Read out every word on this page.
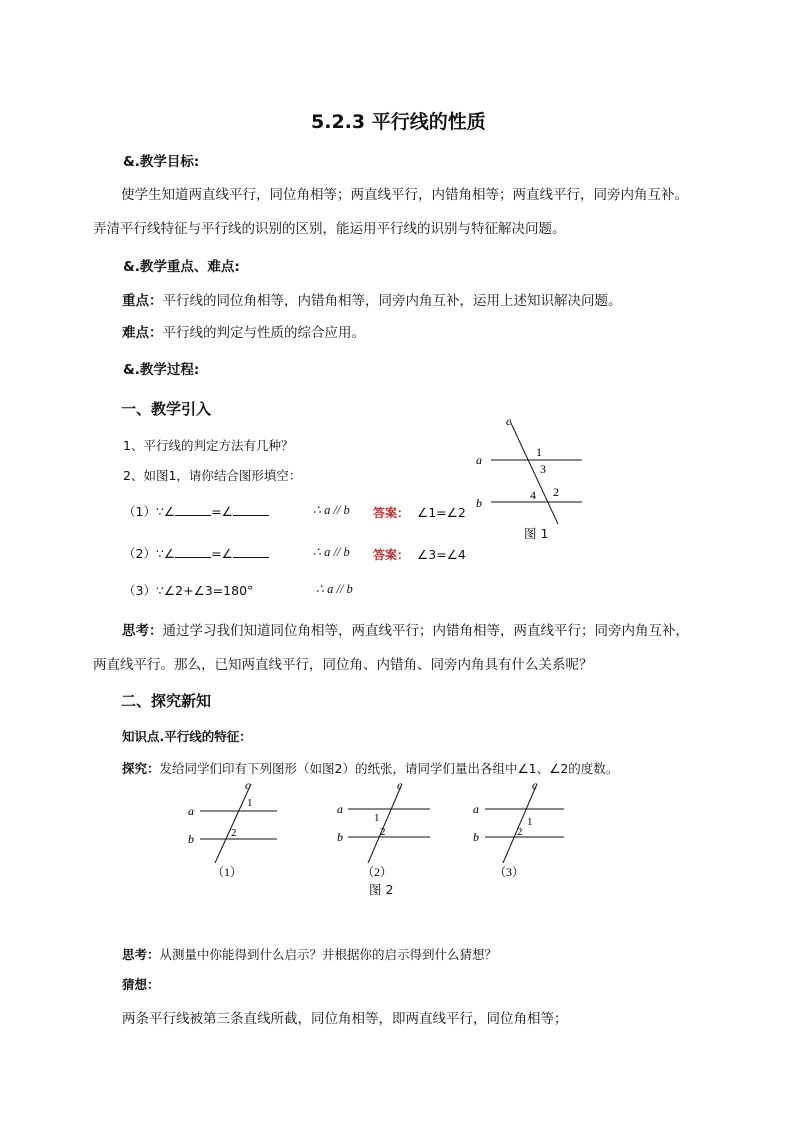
5.2.3 平行线的性质
&.教学目标:
使学生知道两直线平行，同位角相等；两直线平行，内错角相等；两直线平行，同旁内角互补。
弄清平行线特征与平行线的识别的区别，能运用平行线的识别与特征解决问题。
&.教学重点、难点:
重点：平行线的同位角相等，内错角相等，同旁内角互补，运用上述知识解决问题。
难点：平行线的判定与性质的综合应用。
&.教学过程:
一、教学引入
1、平行线的判定方法有几种？
2、如图1，请你结合图形填空：
（1）∵∠	=∠	∴ a // b 答案： ∠1=∠2
（2）∵∠	=∠	∴ a // b 答案： ∠3=∠4
（3）∵∠2+∠3=180°	∴ a // b
c
a
b
1
3
4 2
图 1
思考：通过学习我们知道同位角相等，两直线平行；内错角相等，两直线平行；同旁内角互补，
两直线平行。那么，已知两直线平行，同位角、内错角、同旁内角具有什么关系呢？
二、探究新知
知识点.平行线的特征：
探究：发给同学们印有下列图形（如图2）的纸张，请同学们量出各组中∠1、∠2的度数。
c
a
b
1
2
（1）
c
a
b
1
2
（2）
c
a
b
1
2
（3）
图 2
思考：从测量中你能得到什么启示？并根据你的启示得到什么猜想？
猜想：
两条平行线被第三条直线所截，同位角相等，即两直线平行，同位角相等；
